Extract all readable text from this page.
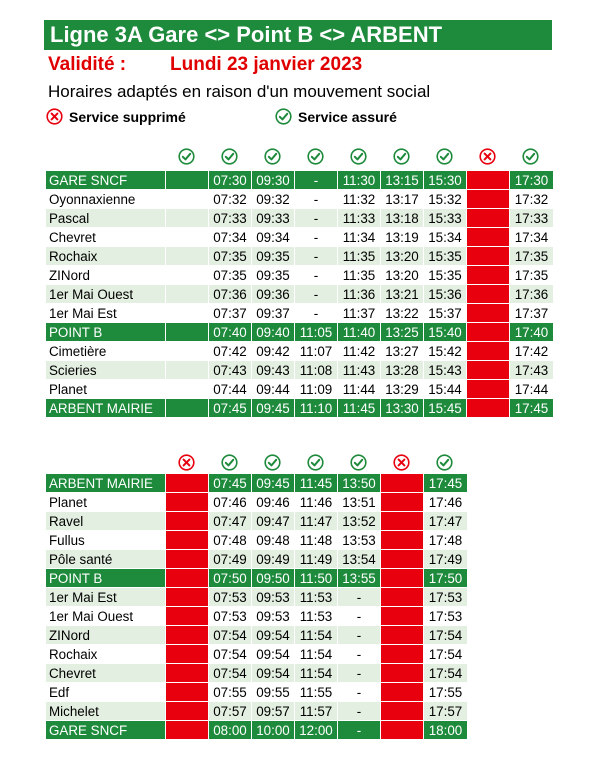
Ligne 3A Gare <> Point B <> ARBENT
Validité : Lundi 23 janvier 2023
Horaires adaptés en raison d'un mouvement social
Service supprimé	Service assuré
GARE SNCF		07:30	09:30	-	11:30	13:15	15:30		17:30
Oyonnaxienne		07:32	09:32	-	11:32	13:17	15:32		17:32
Pascal		07:33	09:33	-	11:33	13:18	15:33		17:33
Chevret		07:34	09:34	-	11:34	13:19	15:34		17:34
Rochaix		07:35	09:35	-	11:35	13:20	15:35		17:35
ZINord		07:35	09:35	-	11:35	13:20	15:35		17:35
1er Mai Ouest		07:36	09:36	-	11:36	13:21	15:36		17:36
1er Mai Est		07:37	09:37	-	11:37	13:22	15:37		17:37
POINT B		07:40	09:40	11:05	11:40	13:25	15:40		17:40
Cimetière		07:42	09:42	11:07	11:42	13:27	15:42		17:42
Scieries		07:43	09:43	11:08	11:43	13:28	15:43		17:43
Planet		07:44	09:44	11:09	11:44	13:29	15:44		17:44
ARBENT MAIRIE		07:45	09:45	11:10	11:45	13:30	15:45		17:45
ARBENT MAIRIE		07:45	09:45	11:45	13:50		17:45
Planet		07:46	09:46	11:46	13:51		17:46
Ravel		07:47	09:47	11:47	13:52		17:47
Fullus		07:48	09:48	11:48	13:53		17:48
Pôle santé		07:49	09:49	11:49	13:54		17:49
POINT B		07:50	09:50	11:50	13:55		17:50
1er Mai Est		07:53	09:53	11:53	-		17:53
1er Mai Ouest		07:53	09:53	11:53	-		17:53
ZINord		07:54	09:54	11:54	-		17:54
Rochaix		07:54	09:54	11:54	-		17:54
Chevret		07:54	09:54	11:54	-		17:54
Edf		07:55	09:55	11:55	-		17:55
Michelet		07:57	09:57	11:57	-		17:57
GARE SNCF		08:00	10:00	12:00	-		18:00
